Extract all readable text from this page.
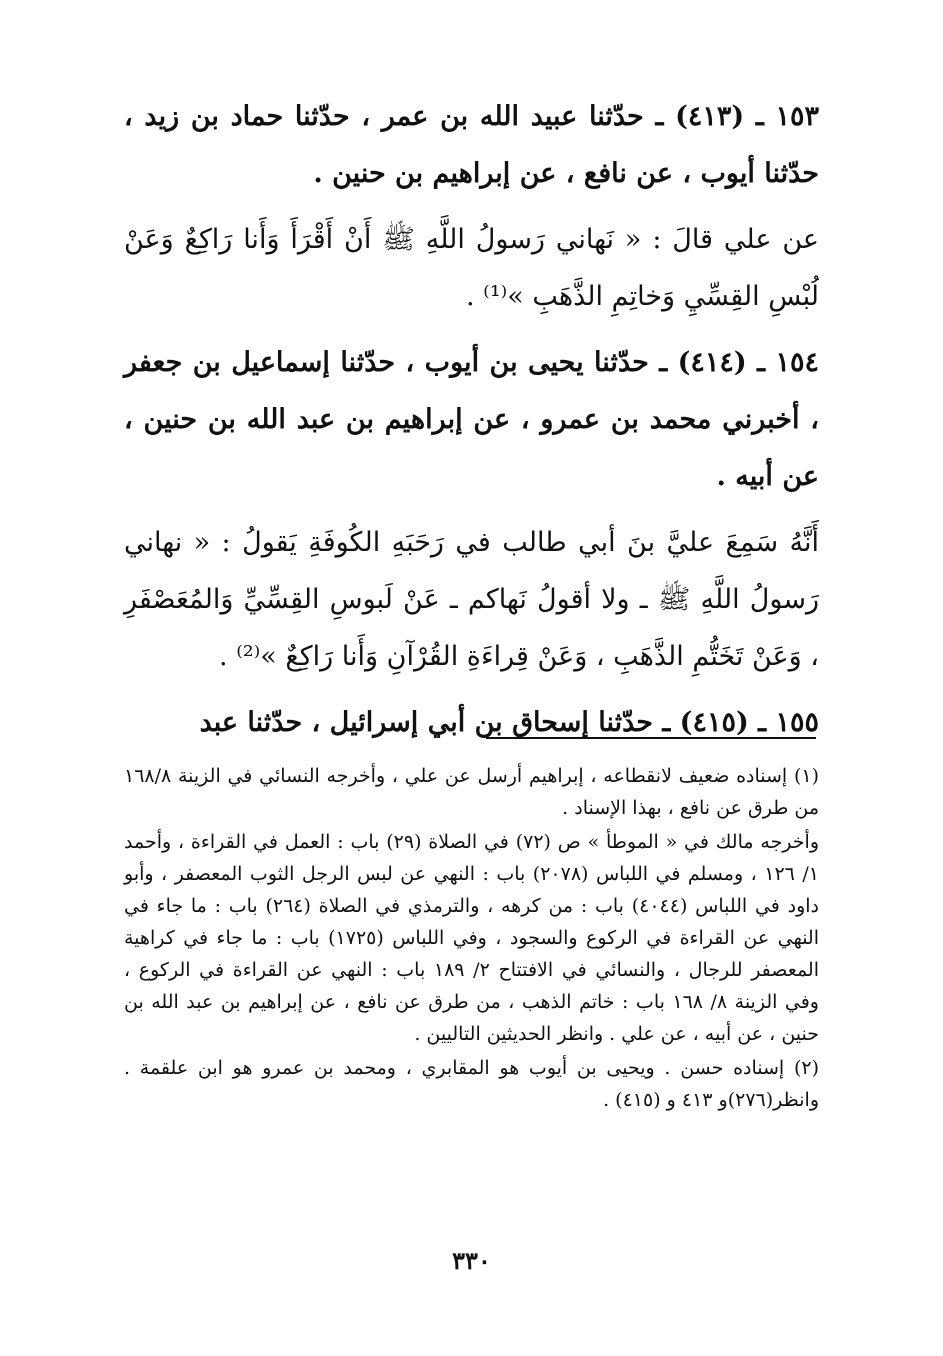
١٥٣ ـ (٤١٣) ـ حدّثنا عبيد الله بن عمر ، حدّثنا حماد بن زيد ، حدّثنا أيوب ، عن نافع ، عن إبراهيم بن حنين .

عن علي قالَ : « نَهاني رَسولُ اللَّهِ ﷺ أَنْ أَقْرَأَ وَأَنا رَاكِعٌ وَعَنْ لُبْسِ القِسِّيِ وَخاتِمِ الذَّهَبِ »⁽¹⁾ .

١٥٤ ـ (٤١٤) ـ حدّثنا يحيى بن أيوب ، حدّثنا إسماعيل بن جعفر ، أخبرني محمد بن عمرو ، عن إبراهيم بن عبد الله بن حنين ، عن أبيه .

أَنَّهُ سَمِعَ عليَّ بنَ أبي طالب في رَحَبَهِ الكُوفَةِ يَقولُ : « نهاني رَسولُ اللَّهِ ﷺ ـ ولا أقولُ نَهاكم ـ عَنْ لَبوسِ القِسِّيِّ وَالمُعَصْفَرِ ، وَعَنْ تَخَتُّمِ الذَّهَبِ ، وَعَنْ قِراءَةِ القُرْآنِ وَأَنا رَاكِعٌ »⁽²⁾ .

١٥٥ ـ (٤١٥) ـ حدّثنا إسحاق بن أبي إسرائيل ، حدّثنا عبد

(١) إسناده ضعيف لانقطاعه ، إبراهيم أرسل عن علي ، وأخرجه النسائي في الزينة ١٦٨/٨ من طرق عن نافع ، بهذا الإسناد .

وأخرجه مالك في « الموطأ » ص (٧٢) في الصلاة (٢٩) باب : العمل في القراءة ، وأحمد ١/ ١٢٦ ، ومسلم في اللباس (٢٠٧٨) باب : النهي عن لبس الرجل الثوب المعصفر ، وأبو داود في اللباس (٤٠٤٤) باب : من كرهه ، والترمذي في الصلاة (٢٦٤) باب : ما جاء في النهي عن القراءة في الركوع والسجود ، وفي اللباس (١٧٢٥) باب : ما جاء في كراهية المعصفر للرجال ، والنسائي في الافتتاح ٢/ ١٨٩ باب : النهي عن القراءة في الركوع ، وفي الزينة ٨/ ١٦٨ باب : خاتم الذهب ، من طرق عن نافع ، عن إبراهيم بن عبد الله بن حنين ، عن أبيه ، عن علي . وانظر الحديثين التاليين .

(٢) إسناده حسن . ويحيى بن أيوب هو المقابري ، ومحمد بن عمرو هو ابن علقمة . وانظر(٢٧٦)و ٤١٣ و (٤١٥) .

٣٣٠
